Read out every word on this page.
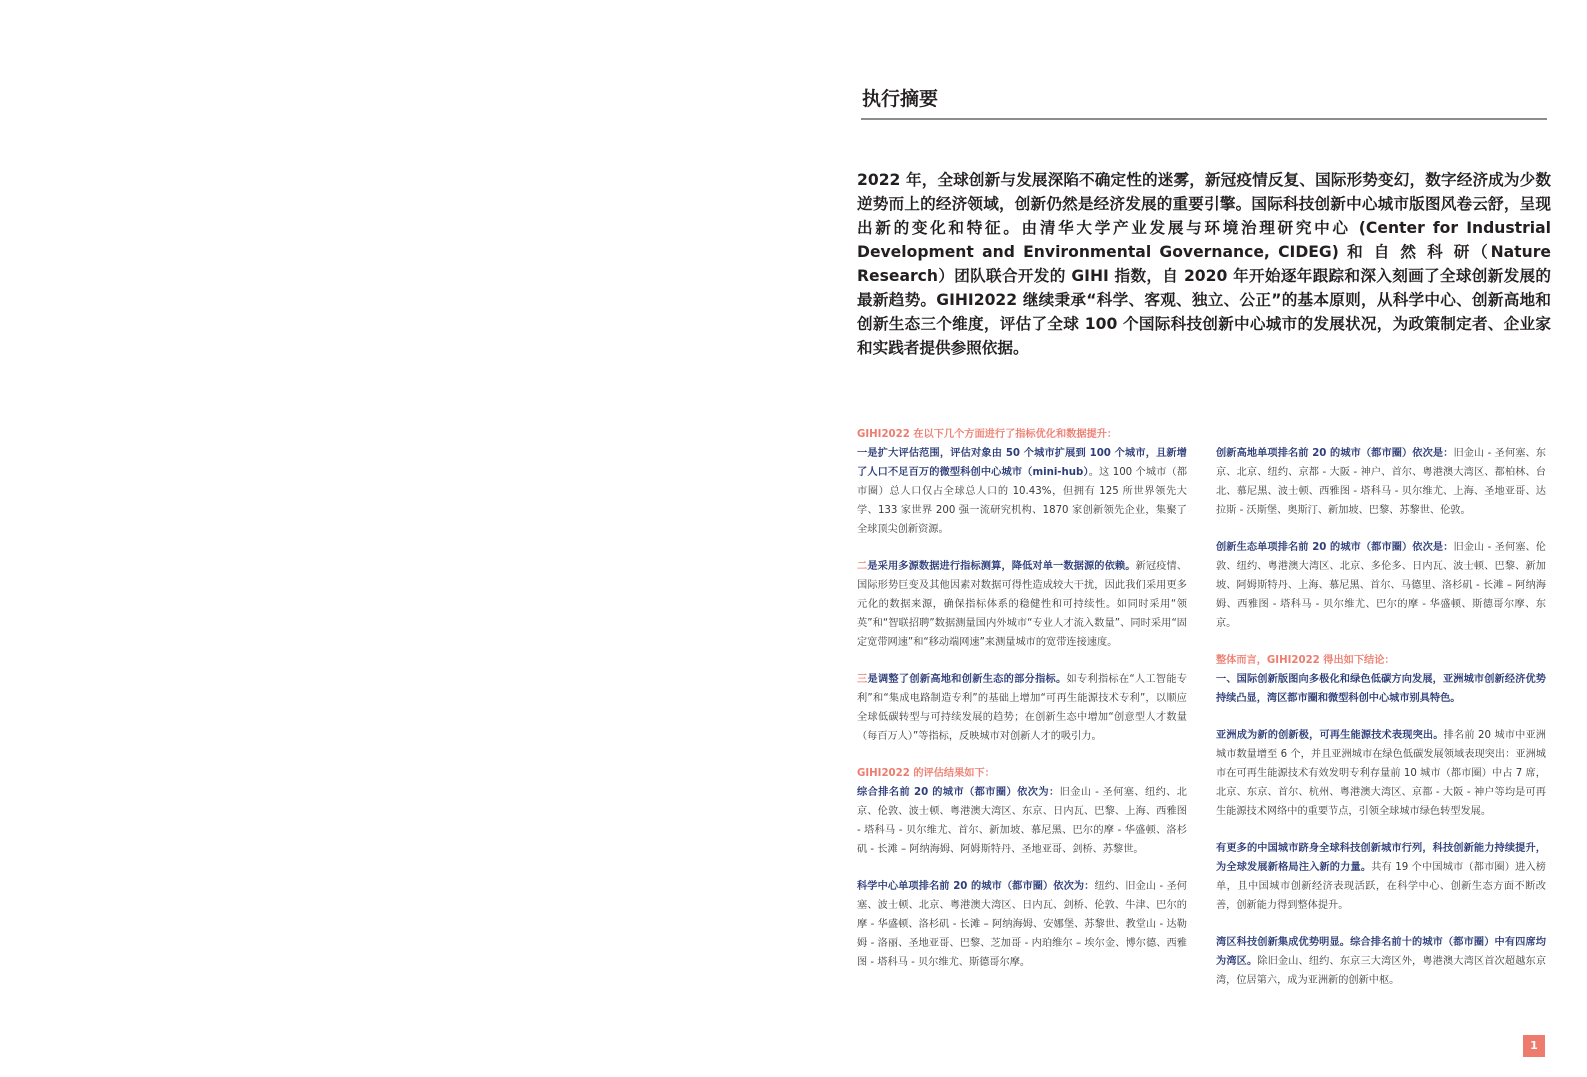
执行摘要

2022 年，全球创新与发展深陷不确定性的迷雾，新冠疫情反复、国际形势变幻，数字经济成为少数逆势而上的经济领域，创新仍然是经济发展的重要引擎。国际科技创新中心城市版图风卷云舒，呈现出新的变化和特征。由清华大学产业发展与环境治理研究中心 (Center for Industrial Development and Environmental Governance, CIDEG) 和 自 然 科 研（Nature Research）团队联合开发的 GIHI 指数，自 2020 年开始逐年跟踪和深入刻画了全球创新发展的最新趋势。GIHI2022 继续秉承“科学、客观、独立、公正”的基本原则，从科学中心、创新高地和创新生态三个维度，评估了全球 100 个国际科技创新中心城市的发展状况，为政策制定者、企业家和实践者提供参照依据。

GIHI2022 在以下几个方面进行了指标优化和数据提升：

一是扩大评估范围，评估对象由 50 个城市扩展到 100 个城市，且新增了人口不足百万的微型科创中心城市（mini-hub）。这 100 个城市（都市圈）总人口仅占全球总人口的 10.43%，但拥有 125 所世界领先大学、133 家世界 200 强一流研究机构、1870 家创新领先企业，集聚了全球顶尖创新资源。

二是采用多源数据进行指标测算，降低对单一数据源的依赖。新冠疫情、国际形势巨变及其他因素对数据可得性造成较大干扰，因此我们采用更多元化的数据来源，确保指标体系的稳健性和可持续性。如同时采用“领英”和“智联招聘”数据测量国内外城市“专业人才流入数量”、同时采用“固定宽带网速”和“移动端网速”来测量城市的宽带连接速度。

三是调整了创新高地和创新生态的部分指标。如专利指标在“人工智能专利”和“集成电路制造专利”的基础上增加“可再生能源技术专利”，以顺应全球低碳转型与可持续发展的趋势；在创新生态中增加“创意型人才数量（每百万人）”等指标，反映城市对创新人才的吸引力。

GIHI2022 的评估结果如下：

综合排名前 20 的城市（都市圈）依次为：旧金山 - 圣何塞、纽约、北京、伦敦、波士顿、粤港澳大湾区、东京、日内瓦、巴黎、上海、西雅图 - 塔科马 - 贝尔维尤、首尔、新加坡、慕尼黑、巴尔的摩 - 华盛顿、洛杉矶 - 长滩 – 阿纳海姆、阿姆斯特丹、圣地亚哥、剑桥、苏黎世。

科学中心单项排名前 20 的城市（都市圈）依次为：纽约、旧金山 - 圣何塞、波士顿、北京、粤港澳大湾区、日内瓦、剑桥、伦敦、牛津、巴尔的摩 - 华盛顿、洛杉矶 - 长滩 – 阿纳海姆、安娜堡、苏黎世、教堂山 - 达勒姆 - 洛丽、圣地亚哥、巴黎、芝加哥 - 内珀维尔 – 埃尔金、博尔德、西雅图 - 塔科马 - 贝尔维尤、斯德哥尔摩。

创新高地单项排名前 20 的城市（都市圈）依次是：旧金山 - 圣何塞、东京、北京、纽约、京都 - 大阪 - 神户、首尔、粤港澳大湾区、都柏林、台北、慕尼黑、波士顿、西雅图 - 塔科马 - 贝尔维尤、上海、圣地亚哥、达拉斯 - 沃斯堡、奥斯汀、新加坡、巴黎、苏黎世、伦敦。

创新生态单项排名前 20 的城市（都市圈）依次是：旧金山 - 圣何塞、伦敦、纽约、粤港澳大湾区、北京、多伦多、日内瓦、波士顿、巴黎、新加坡、阿姆斯特丹、上海、慕尼黑、首尔、马德里、洛杉矶 - 长滩 – 阿纳海姆、西雅图 - 塔科马 - 贝尔维尤、巴尔的摩 - 华盛顿、斯德哥尔摩、东京。

整体而言，GIHI2022 得出如下结论：

一、国际创新版图向多极化和绿色低碳方向发展，亚洲城市创新经济优势持续凸显，湾区都市圈和微型科创中心城市别具特色。

亚洲成为新的创新极，可再生能源技术表现突出。排名前 20 城市中亚洲城市数量增至 6 个，并且亚洲城市在绿色低碳发展领域表现突出：亚洲城市在可再生能源技术有效发明专利存量前 10 城市（都市圈）中占 7 席，北京、东京、首尔、杭州、粤港澳大湾区、京都 - 大阪 - 神户等均是可再生能源技术网络中的重要节点，引领全球城市绿色转型发展。

有更多的中国城市跻身全球科技创新城市行列，科技创新能力持续提升，为全球发展新格局注入新的力量。共有 19 个中国城市（都市圈）进入榜单，且中国城市创新经济表现活跃，在科学中心、创新生态方面不断改善，创新能力得到整体提升。

湾区科技创新集成优势明显。综合排名前十的城市（都市圈）中有四席均为湾区。除旧金山、纽约、东京三大湾区外，粤港澳大湾区首次超越东京湾，位居第六，成为亚洲新的创新中枢。

1
